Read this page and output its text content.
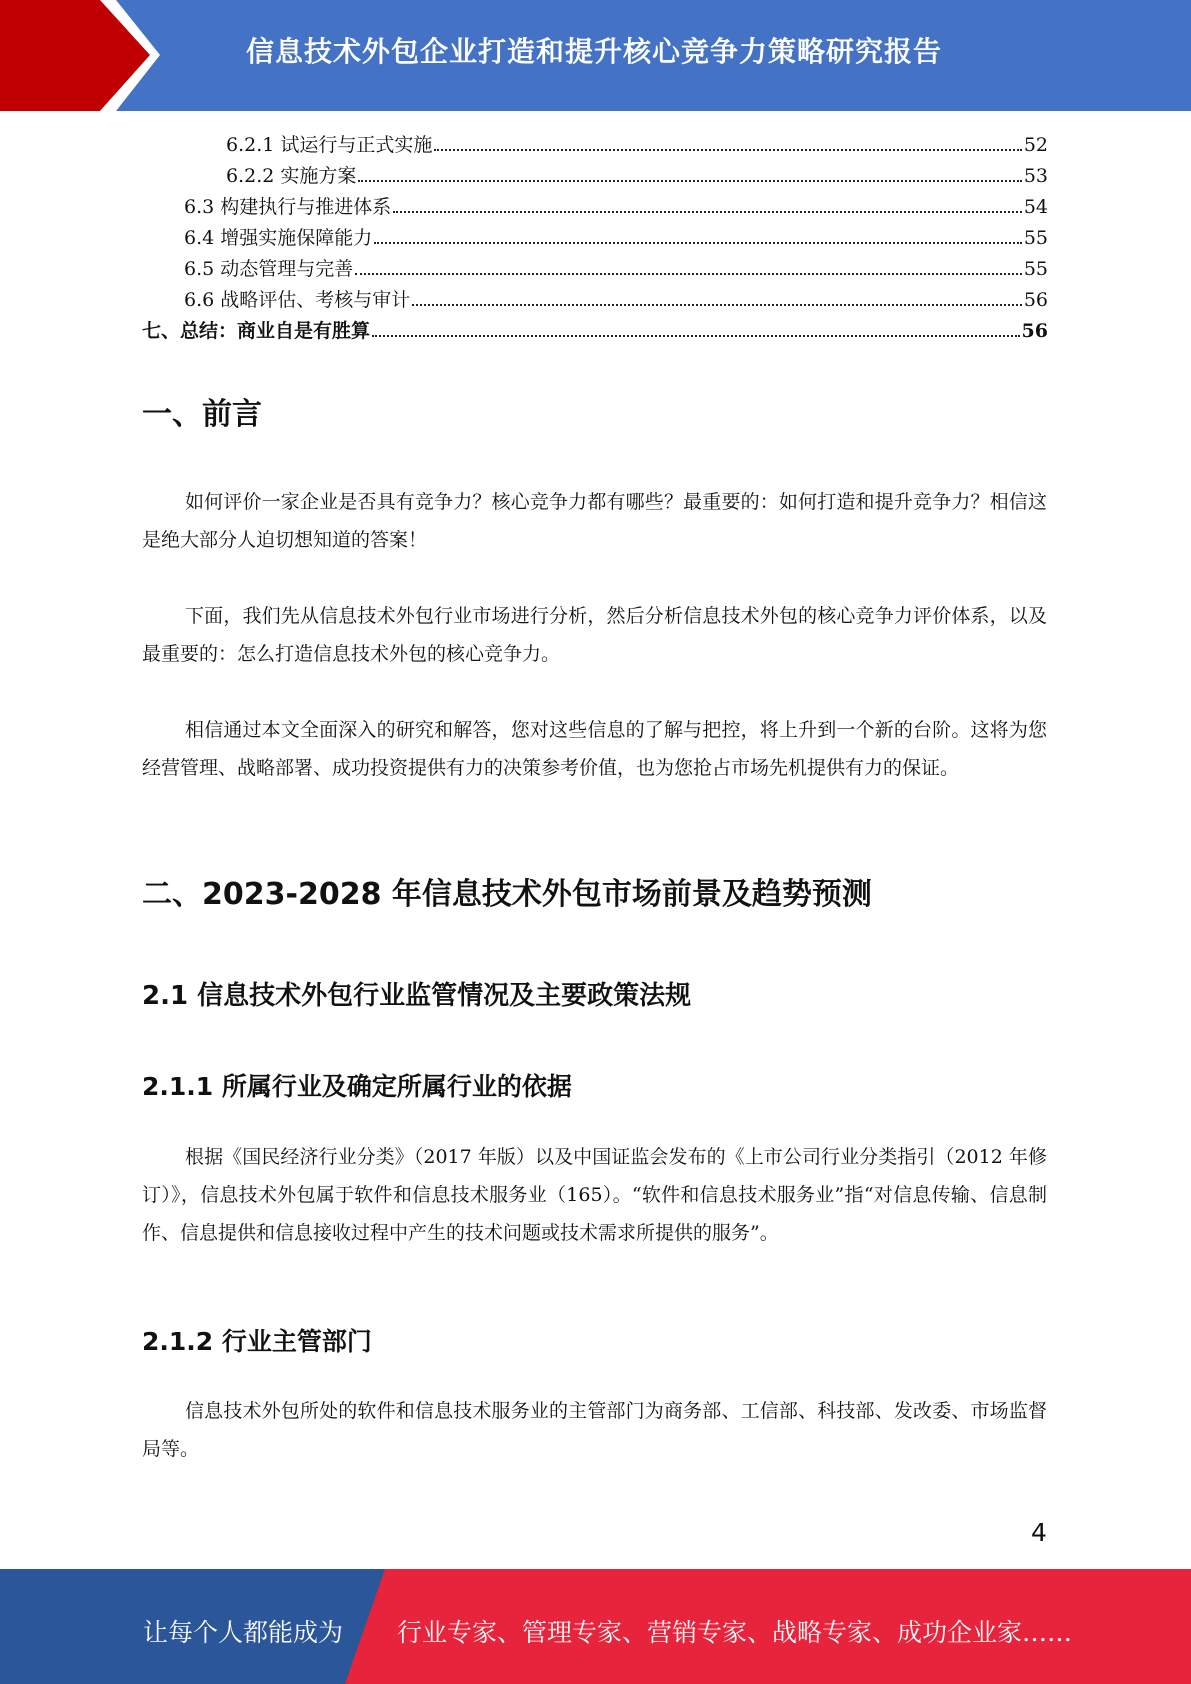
信息技术外包企业打造和提升核心竞争力策略研究报告
6.2.1 试运行与正式实施	52
6.2.2 实施方案	53
6.3 构建执行与推进体系	54
6.4 增强实施保障能力	55
6.5 动态管理与完善	55
6.6 战略评估、考核与审计	56
七、总结：商业自是有胜算	56
一、前言
如何评价一家企业是否具有竞争力？核心竞争力都有哪些？最重要的：如何打造和提升竞争力？相信这是绝大部分人迫切想知道的答案！
下面，我们先从信息技术外包行业市场进行分析，然后分析信息技术外包的核心竞争力评价体系，以及最重要的：怎么打造信息技术外包的核心竞争力。
相信通过本文全面深入的研究和解答，您对这些信息的了解与把控，将上升到一个新的台阶。这将为您经营管理、战略部署、成功投资提供有力的决策参考价值，也为您抢占市场先机提供有力的保证。
二、2023-2028 年信息技术外包市场前景及趋势预测
2.1 信息技术外包行业监管情况及主要政策法规
2.1.1 所属行业及确定所属行业的依据
根据《国民经济行业分类》（2017 年版）以及中国证监会发布的《上市公司行业分类指引（2012 年修订）》，信息技术外包属于软件和信息技术服务业（165）。“软件和信息技术服务业”指“对信息传输、信息制作、信息提供和信息接收过程中产生的技术问题或技术需求所提供的服务”。
2.1.2 行业主管部门
信息技术外包所处的软件和信息技术服务业的主管部门为商务部、工信部、科技部、发改委、市场监督局等。
4
让每个人都能成为 行业专家、管理专家、营销专家、战略专家、成功企业家……
